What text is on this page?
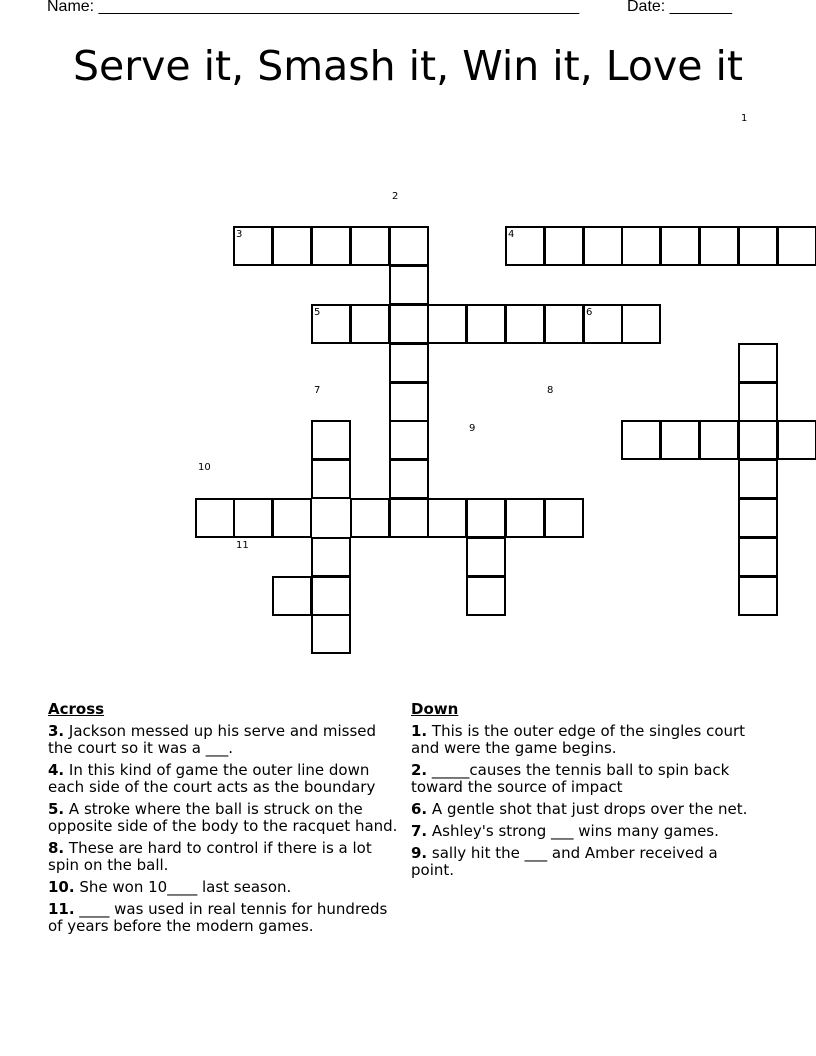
Name: ______________________________________________________	Date: _______
Serve it, Smash it, Win it, Love it
1
2
3	4
5	6
7	8
9
10
11
Across
3. Jackson messed up his serve and missed the court so it was a ___.
4. In this kind of game the outer line down each side of the court acts as the boundary
5. A stroke where the ball is struck on the opposite side of the body to the racquet hand.
8. These are hard to control if there is a lot spin on the ball.
10. She won 10____ last season.
11. ____ was used in real tennis for hundreds of years before the modern games.
Down
1. This is the outer edge of the singles court and were the game begins.
2. _____causes the tennis ball to spin back toward the source of impact
6. A gentle shot that just drops over the net.
7. Ashley's strong ___ wins many games.
9. sally hit the ___ and Amber received a point.
